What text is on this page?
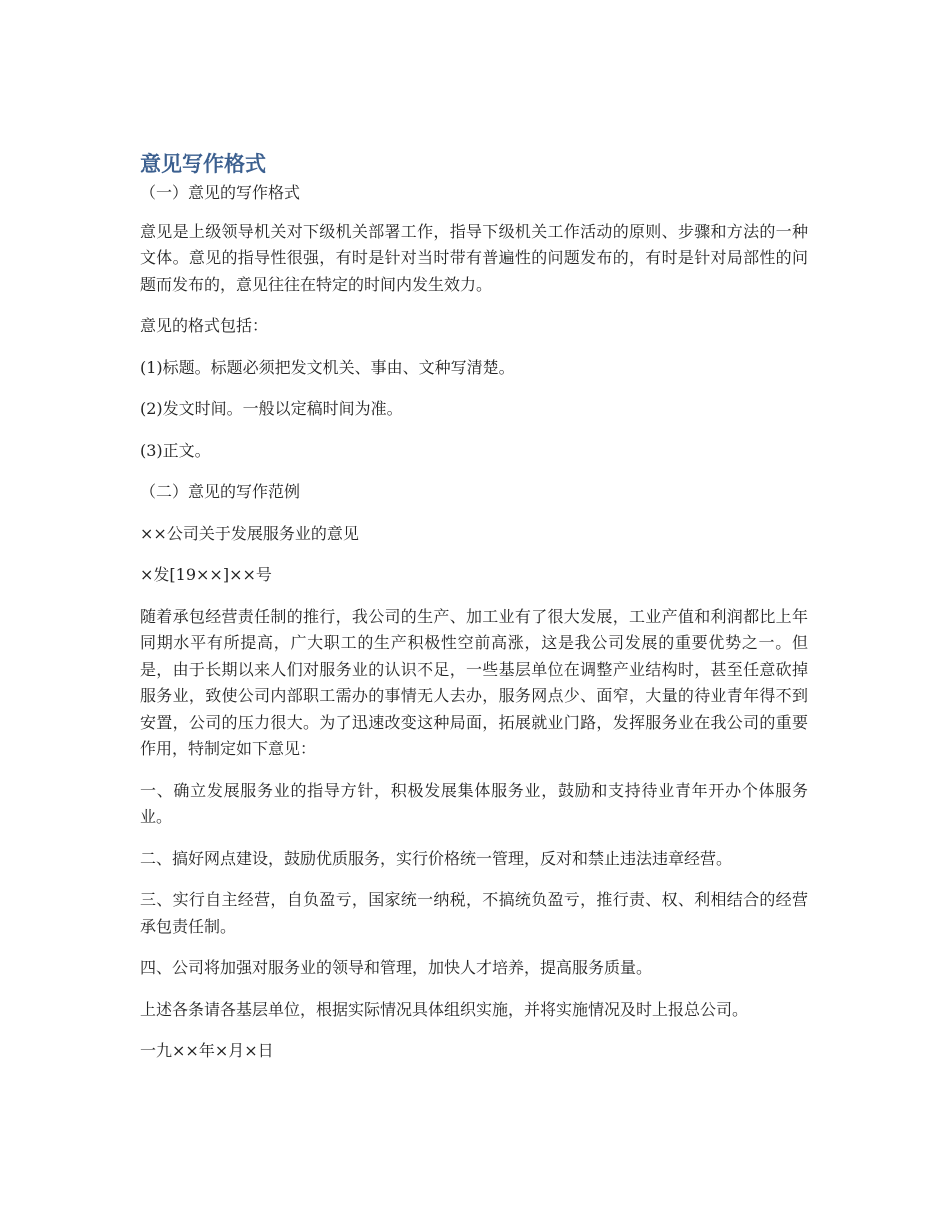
意见写作格式

（一）意见的写作格式

意见是上级领导机关对下级机关部署工作，指导下级机关工作活动的原则、步骤和方法的一种文体。意见的指导性很强，有时是针对当时带有普遍性的问题发布的，有时是针对局部性的问题而发布的，意见往往在特定的时间内发生效力。

意见的格式包括：

(1)标题。标题必须把发文机关、事由、文种写清楚。

(2)发文时间。一般以定稿时间为准。

(3)正文。

（二）意见的写作范例

××公司关于发展服务业的意见

×发[19××]××号

随着承包经营责任制的推行，我公司的生产、加工业有了很大发展，工业产值和利润都比上年同期水平有所提高，广大职工的生产积极性空前高涨，这是我公司发展的重要优势之一。但是，由于长期以来人们对服务业的认识不足，一些基层单位在调整产业结构时，甚至任意砍掉服务业，致使公司内部职工需办的事情无人去办，服务网点少、面窄，大量的待业青年得不到安置，公司的压力很大。为了迅速改变这种局面，拓展就业门路，发挥服务业在我公司的重要作用，特制定如下意见：

一、确立发展服务业的指导方针，积极发展集体服务业，鼓励和支持待业青年开办个体服务业。

二、搞好网点建设，鼓励优质服务，实行价格统一管理，反对和禁止违法违章经营。

三、实行自主经营，自负盈亏，国家统一纳税，不搞统负盈亏，推行责、权、利相结合的经营承包责任制。

四、公司将加强对服务业的领导和管理，加快人才培养，提高服务质量。

上述各条请各基层单位，根据实际情况具体组织实施，并将实施情况及时上报总公司。

一九××年×月×日
